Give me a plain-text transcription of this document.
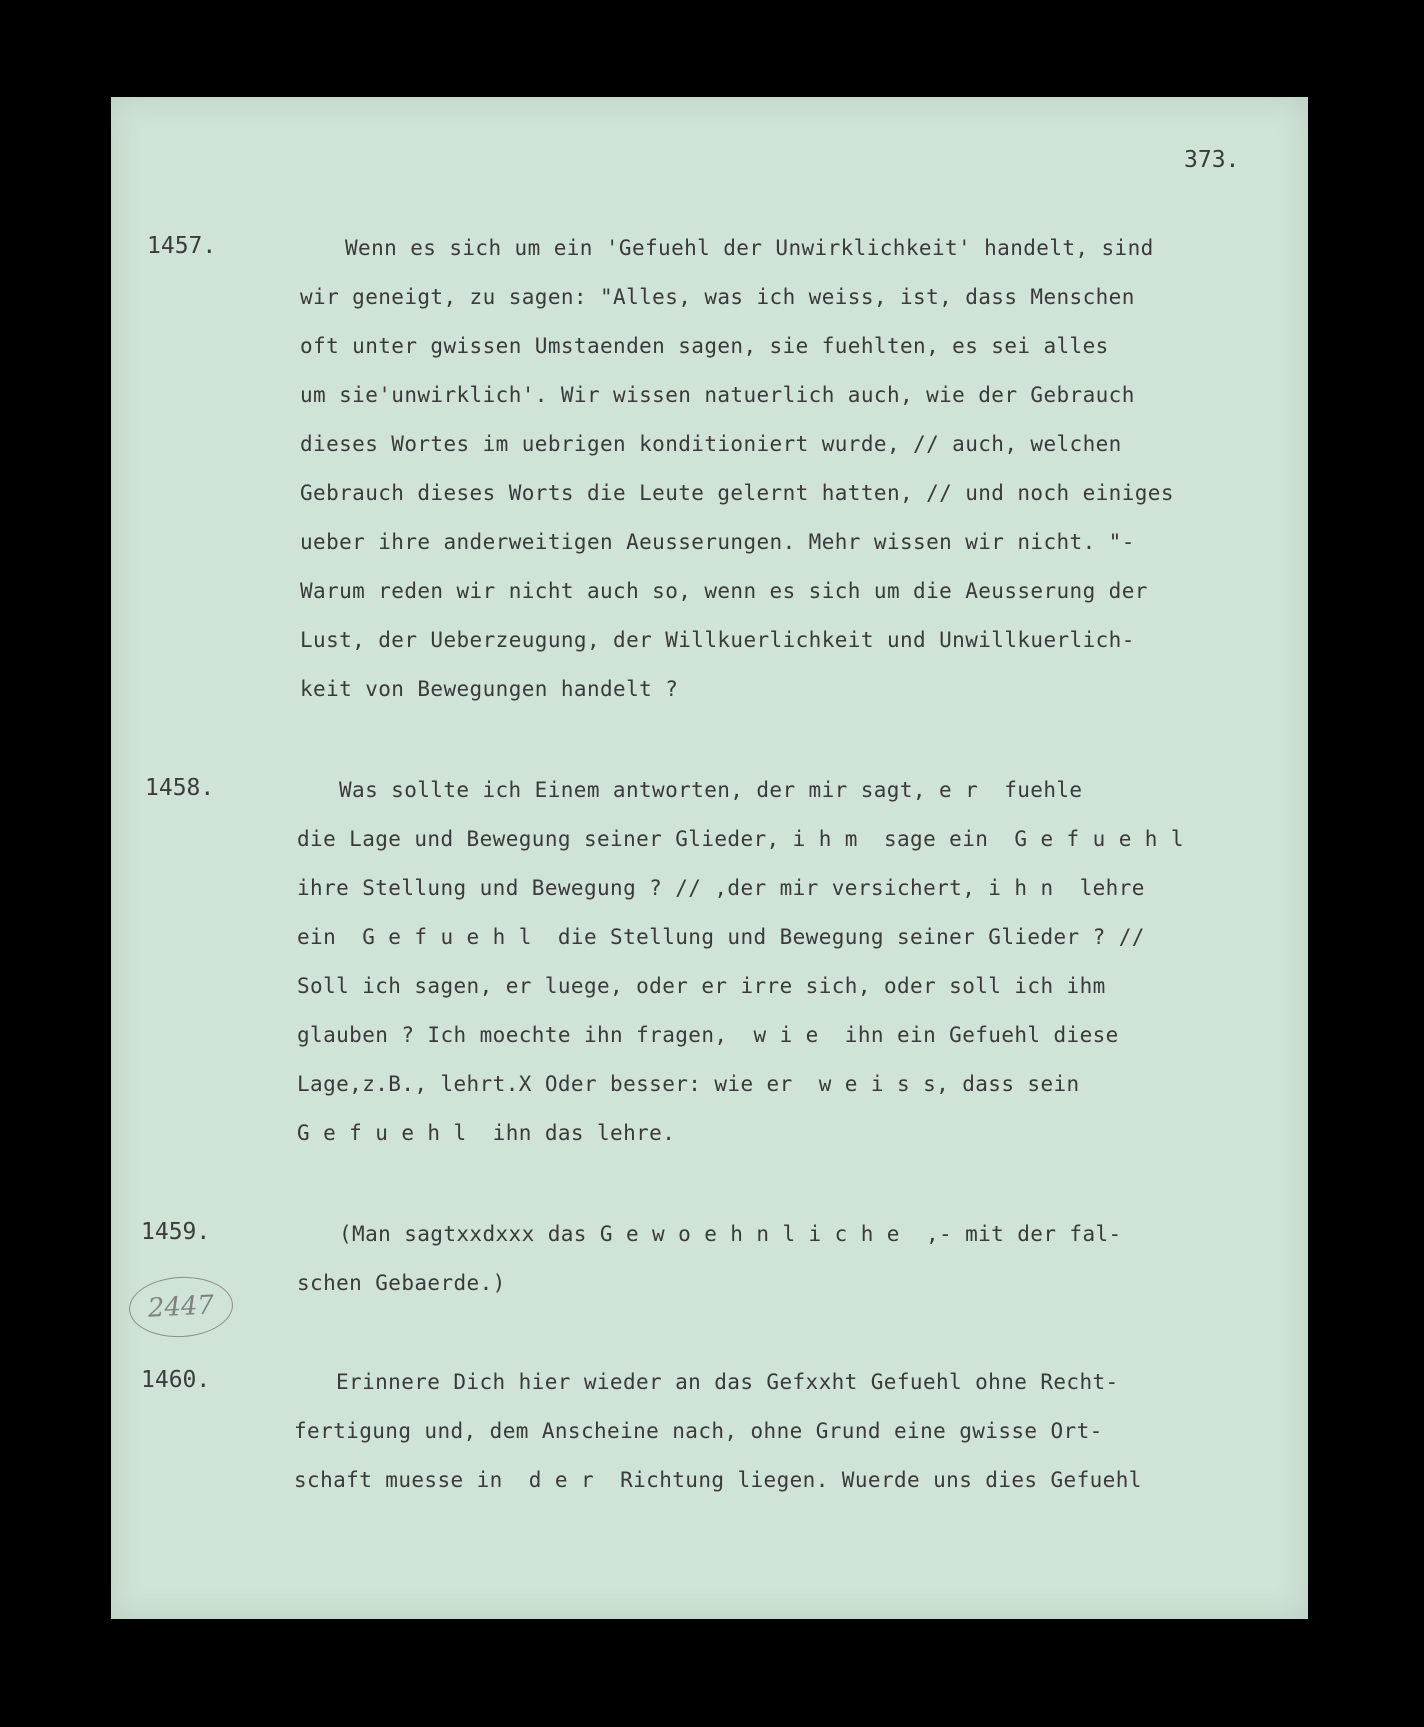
373.
1457.	Wenn es sich um ein 'Gefuehl der Unwirklichkeit' handelt, sind
wir geneigt, zu sagen: "Alles, was ich weiss, ist, dass Menschen
oft unter gwissen Umstaenden sagen, sie fuehlten, es sei alles
um sie'unwirklich'. Wir wissen natuerlich auch, wie der Gebrauch
dieses Wortes im uebrigen konditioniert wurde, // auch, welchen
Gebrauch dieses Worts die Leute gelernt hatten, // und noch einiges
ueber ihre anderweitigen Aeusserungen. Mehr wissen wir nicht. "-
Warum reden wir nicht auch so, wenn es sich um die Aeusserung der
Lust, der Ueberzeugung, der Willkuerlichkeit und Unwillkuerlich-
keit von Bewegungen handelt ?
1458.	Was sollte ich Einem antworten, der mir sagt, e r  fuehle
die Lage und Bewegung seiner Glieder, i h m  sage ein  G e f u e h l
ihre Stellung und Bewegung ? // ,der mir versichert, i h n  lehre
ein  G e f u e h l  die Stellung und Bewegung seiner Glieder ? //
Soll ich sagen, er luege, oder er irre sich, oder soll ich ihm
glauben ? Ich moechte ihn fragen,  w i e  ihn ein Gefuehl diese
Lage,z.B., lehrt.X Oder besser: wie er  w e i s s, dass sein
G e f u e h l  ihn das lehre.
1459.	(Man sagtxxdxxx das G e w o e h n l i c h e  ,- mit der fal-
schen Gebaerde.)
2447
1460.	Erinnere Dich hier wieder an das Gefxxht Gefuehl ohne Recht-
fertigung und, dem Anscheine nach, ohne Grund eine gwisse Ort-
schaft muesse in  d e r  Richtung liegen. Wuerde uns dies Gefuehl
